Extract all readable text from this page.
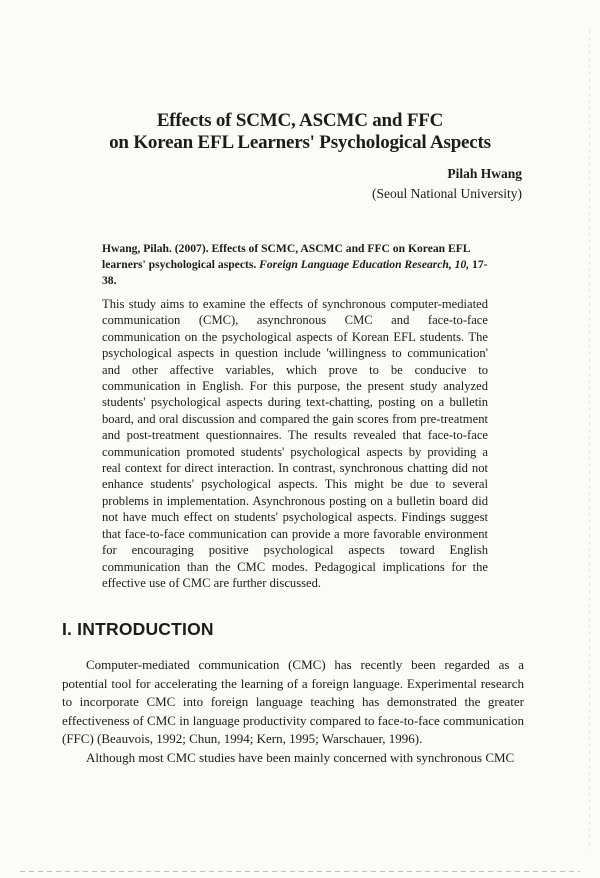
Effects of SCMC, ASCMC and FFC
on Korean EFL Learners' Psychological Aspects
Pilah Hwang
(Seoul National University)
Hwang, Pilah. (2007). Effects of SCMC, ASCMC and FFC on Korean EFL learners' psychological aspects. Foreign Language Education Research, 10, 17-38.
This study aims to examine the effects of synchronous computer-mediated communication (CMC), asynchronous CMC and face-to-face communication on the psychological aspects of Korean EFL students. The psychological aspects in question include 'willingness to communication' and other affective variables, which prove to be conducive to communication in English. For this purpose, the present study analyzed students' psychological aspects during text-chatting, posting on a bulletin board, and oral discussion and compared the gain scores from pre-treatment and post-treatment questionnaires. The results revealed that face-to-face communication promoted students' psychological aspects by providing a real context for direct interaction. In contrast, synchronous chatting did not enhance students' psychological aspects. This might be due to several problems in implementation. Asynchronous posting on a bulletin board did not have much effect on students' psychological aspects. Findings suggest that face-to-face communication can provide a more favorable environment for encouraging positive psychological aspects toward English communication than the CMC modes. Pedagogical implications for the effective use of CMC are further discussed.
I. INTRODUCTION

Computer-mediated communication (CMC) has recently been regarded as a potential tool for accelerating the learning of a foreign language. Experimental research to incorporate CMC into foreign language teaching has demonstrated the greater effectiveness of CMC in language productivity compared to face-to-face communication (FFC) (Beauvois, 1992; Chun, 1994; Kern, 1995; Warschauer, 1996).

Although most CMC studies have been mainly concerned with synchronous CMC
